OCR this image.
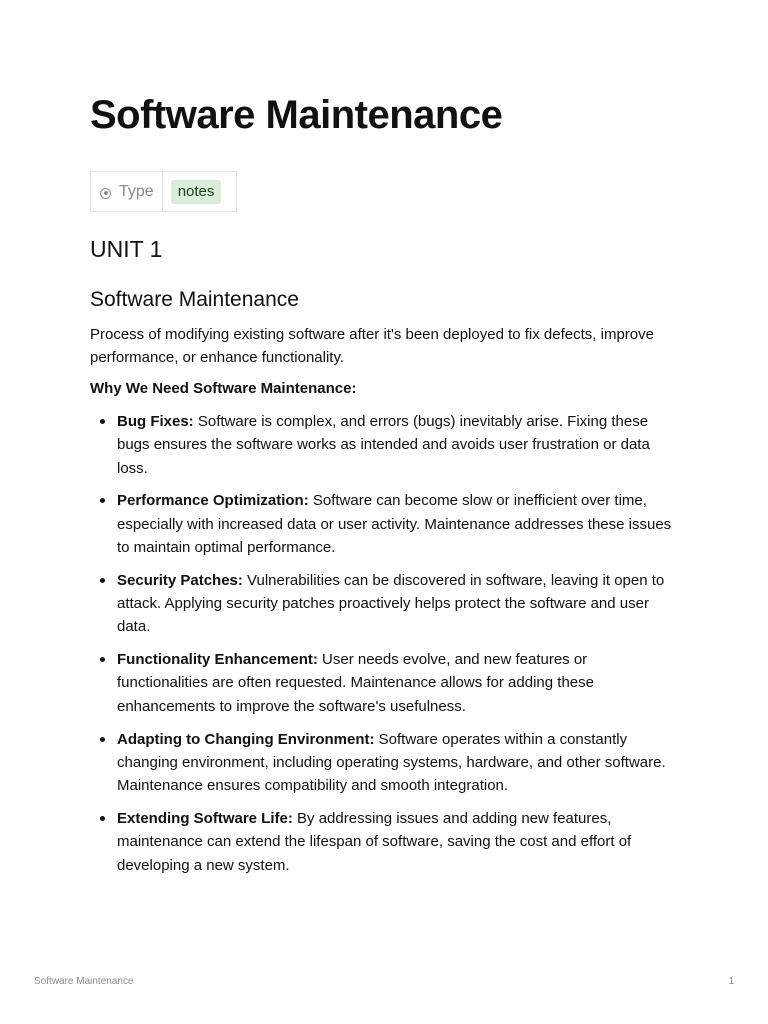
Software Maintenance
Type	notes
UNIT 1
Software Maintenance

Process of modifying existing software after it's been deployed to fix defects, improve performance, or enhance functionality.

Why We Need Software Maintenance:

Bug Fixes: Software is complex, and errors (bugs) inevitably arise. Fixing these bugs ensures the software works as intended and avoids user frustration or data loss.
Performance Optimization: Software can become slow or inefficient over time, especially with increased data or user activity. Maintenance addresses these issues to maintain optimal performance.
Security Patches: Vulnerabilities can be discovered in software, leaving it open to attack. Applying security patches proactively helps protect the software and user data.
Functionality Enhancement: User needs evolve, and new features or functionalities are often requested. Maintenance allows for adding these enhancements to improve the software's usefulness.
Adapting to Changing Environment: Software operates within a constantly changing environment, including operating systems, hardware, and other software. Maintenance ensures compatibility and smooth integration.
Extending Software Life: By addressing issues and adding new features, maintenance can extend the lifespan of software, saving the cost and effort of developing a new system.
Software Maintenance	1
